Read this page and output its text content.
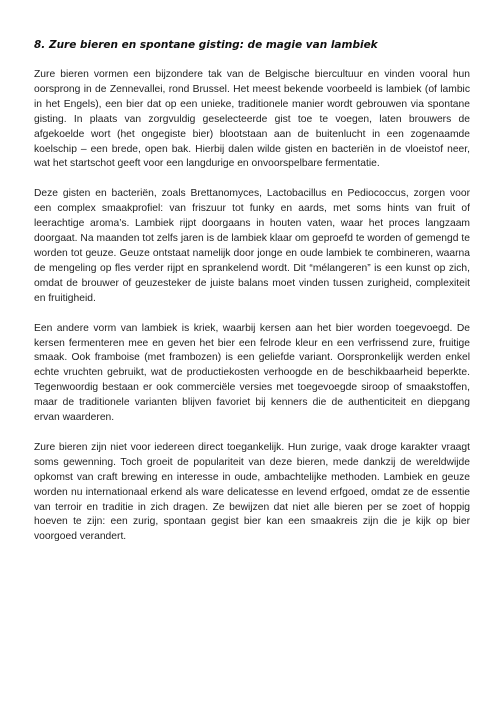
8. Zure bieren en spontane gisting: de magie van lambiek

Zure bieren vormen een bijzondere tak van de Belgische biercultuur en vinden vooral hun oorsprong in de Zennevallei, rond Brussel. Het meest bekende voorbeeld is lambiek (of lambic in het Engels), een bier dat op een unieke, traditionele manier wordt gebrouwen via spontane gisting. In plaats van zorgvuldig geselecteerde gist toe te voegen, laten brouwers de afgekoelde wort (het ongegiste bier) blootstaan aan de buitenlucht in een zogenaamde koelschip – een brede, open bak. Hierbij dalen wilde gisten en bacteriën in de vloeistof neer, wat het startschot geeft voor een langdurige en onvoorspelbare fermentatie.

Deze gisten en bacteriën, zoals Brettanomyces, Lactobacillus en Pediococcus, zorgen voor een complex smaakprofiel: van friszuur tot funky en aards, met soms hints van fruit of leerachtige aroma’s. Lambiek rijpt doorgaans in houten vaten, waar het proces langzaam doorgaat. Na maanden tot zelfs jaren is de lambiek klaar om geproefd te worden of gemengd te worden tot geuze. Geuze ontstaat namelijk door jonge en oude lambiek te combineren, waarna de mengeling op fles verder rijpt en sprankelend wordt. Dit “mélangeren” is een kunst op zich, omdat de brouwer of geuzesteker de juiste balans moet vinden tussen zurigheid, complexiteit en fruitigheid.

Een andere vorm van lambiek is kriek, waarbij kersen aan het bier worden toegevoegd. De kersen fermenteren mee en geven het bier een felrode kleur en een verfrissend zure, fruitige smaak. Ook framboise (met frambozen) is een geliefde variant. Oorspronkelijk werden enkel echte vruchten gebruikt, wat de productiekosten verhoogde en de beschikbaarheid beperkte. Tegenwoordig bestaan er ook commerciële versies met toegevoegde siroop of smaakstoffen, maar de traditionele varianten blijven favoriet bij kenners die de authenticiteit en diepgang ervan waarderen.

Zure bieren zijn niet voor iedereen direct toegankelijk. Hun zurige, vaak droge karakter vraagt soms gewenning. Toch groeit de populariteit van deze bieren, mede dankzij de wereldwijde opkomst van craft brewing en interesse in oude, ambachtelijke methoden. Lambiek en geuze worden nu internationaal erkend als ware delicatesse en levend erfgoed, omdat ze de essentie van terroir en traditie in zich dragen. Ze bewijzen dat niet alle bieren per se zoet of hoppig hoeven te zijn: een zurig, spontaan gegist bier kan een smaakreis zijn die je kijk op bier voorgoed verandert.
